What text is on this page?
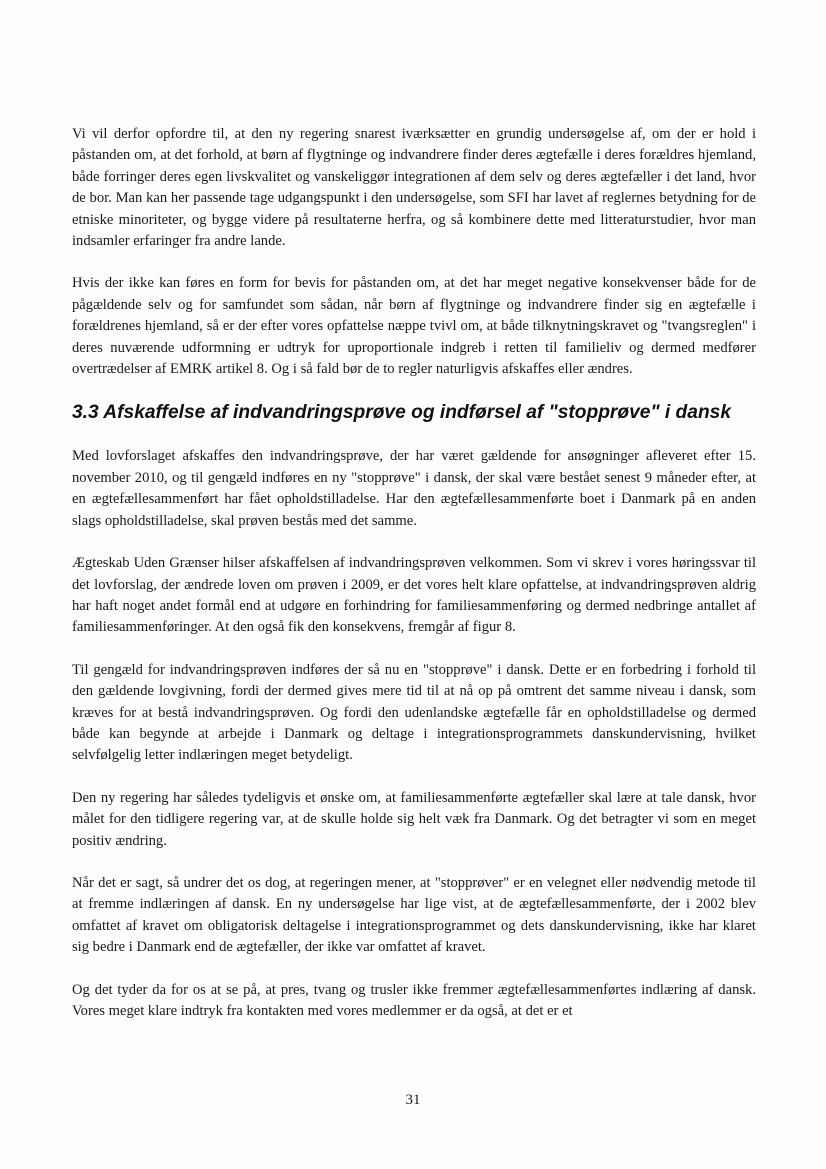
Vi vil derfor opfordre til, at den ny regering snarest iværksætter en grundig undersøgelse af, om der er hold i påstanden om, at det forhold, at børn af flygtninge og indvandrere finder deres ægtefælle i deres forældres hjemland, både forringer deres egen livskvalitet og vanskeliggør integrationen af dem selv og deres ægtefæller i det land, hvor de bor. Man kan her passende tage udgangspunkt i den undersøgelse, som SFI har lavet af reglernes betydning for de etniske minoriteter, og bygge videre på resultaterne herfra, og så kombinere dette med litteraturstudier, hvor man indsamler erfaringer fra andre lande.

Hvis der ikke kan føres en form for bevis for påstanden om, at det har meget negative konsekvenser både for de pågældende selv og for samfundet som sådan, når børn af flygtninge og indvandrere finder sig en ægtefælle i forældrenes hjemland, så er der efter vores opfattelse næppe tvivl om, at både tilknytningskravet og "tvangsreglen" i deres nuværende udformning er udtryk for uproportionale indgreb i retten til familieliv og dermed medfører overtrædelser af EMRK artikel 8. Og i så fald bør de to regler naturligvis afskaffes eller ændres.

3.3 Afskaffelse af indvandringsprøve og indførsel af "stopprøve" i dansk

Med lovforslaget afskaffes den indvandringsprøve, der har været gældende for ansøgninger afleveret efter 15. november 2010, og til gengæld indføres en ny "stopprøve" i dansk, der skal være bestået senest 9 måneder efter, at en ægtefællesammenført har fået opholdstilladelse. Har den ægtefællesammenførte boet i Danmark på en anden slags opholdstilladelse, skal prøven bestås med det samme.

Ægteskab Uden Grænser hilser afskaffelsen af indvandringsprøven velkommen. Som vi skrev i vores høringssvar til det lovforslag, der ændrede loven om prøven i 2009, er det vores helt klare opfattelse, at indvandringsprøven aldrig har haft noget andet formål end at udgøre en forhindring for familiesammenføring og dermed nedbringe antallet af familiesammenføringer. At den også fik den konsekvens, fremgår af figur 8.

Til gengæld for indvandringsprøven indføres der så nu en "stopprøve" i dansk. Dette er en forbedring i forhold til den gældende lovgivning, fordi der dermed gives mere tid til at nå op på omtrent det samme niveau i dansk, som kræves for at bestå indvandringsprøven. Og fordi den udenlandske ægtefælle får en opholdstilladelse og dermed både kan begynde at arbejde i Danmark og deltage i integrationsprogrammets danskundervisning, hvilket selvfølgelig letter indlæringen meget betydeligt.

Den ny regering har således tydeligvis et ønske om, at familiesammenførte ægtefæller skal lære at tale dansk, hvor målet for den tidligere regering var, at de skulle holde sig helt væk fra Danmark. Og det betragter vi som en meget positiv ændring.

Når det er sagt, så undrer det os dog, at regeringen mener, at "stopprøver" er en velegnet eller nødvendig metode til at fremme indlæringen af dansk. En ny undersøgelse har lige vist, at de ægtefællesammenførte, der i 2002 blev omfattet af kravet om obligatorisk deltagelse i integrationsprogrammet og dets danskundervisning, ikke har klaret sig bedre i Danmark end de ægtefæller, der ikke var omfattet af kravet.

Og det tyder da for os at se på, at pres, tvang og trusler ikke fremmer ægtefællesammenførtes indlæring af dansk. Vores meget klare indtryk fra kontakten med vores medlemmer er da også, at det er et

31
